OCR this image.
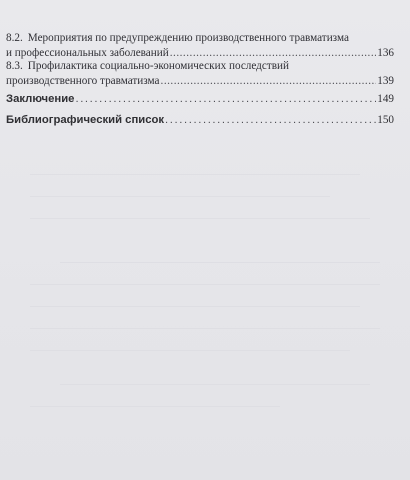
8.2. Мероприятия по предупреждению производственного травматизма
и профессиональных заболеваний .....	136
8.3. Профилактика социально-экономических последствий
производственного травматизма .....	139
Заключение .....	149
Библиографический список .....	150
